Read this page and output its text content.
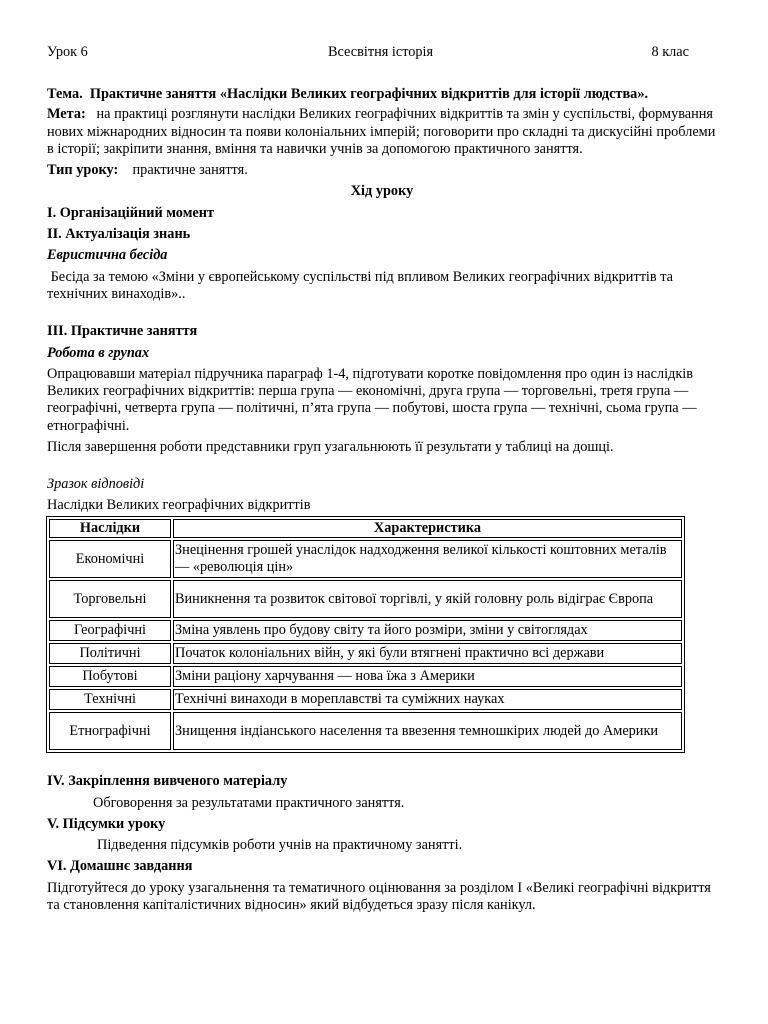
Урок 6	Всесвітня історія	8 клас

Тема. Практичне заняття «Наслідки Великих географічних відкриттів для історії людства».

Мета: на практиці розглянути наслідки Великих географічних відкриттів та змін у суспільстві, формування нових міжнародних відносин та появи колоніальних імперій; поговорити про складні та дискусійні проблеми в історії; закріпити знання, вміння та навички учнів за допомогою практичного заняття.

Тип уроку: практичне заняття.

Хід уроку

I. Організаційний момент

II. Актуалізація знань

Евристична бесіда

Бесіда за темою «Зміни у європейському суспільстві під впливом Великих географічних відкриттів та технічних винаходів»..

III. Практичне заняття

Робота в групах

Опрацювавши матеріал підручника параграф 1-4, підготувати коротке повідомлення про один із наслідків Великих географічних відкриттів: перша група — економічні, друга група — торговельні, третя група — географічні, четверта група — політичні, п’ята група — побутові, шоста група — технічні, сьома група — етнографічні.

Після завершення роботи представники груп узагальнюють її результати у таблиці на дошці.

Зразок відповіді

Наслідки Великих географічних відкриттів

Наслідки	Характеристика
Економічні	Знецінення грошей унаслідок надходження великої кількості коштовних металів — «революція цін»
Торговельні	Виникнення та розвиток світової торгівлі, у якій головну роль відіграє Європа
Географічні	Зміна уявлень про будову світу та його розміри, зміни у світоглядах
Політичні	Початок колоніальних війн, у які були втягнені практично всі держави
Побутові	Зміни раціону харчування — нова їжа з Америки
Технічні	Технічні винаходи в мореплавстві та суміжних науках
Етнографічні	Знищення індіанського населення та ввезення темношкірих людей до Америки

IV. Закріплення вивченого матеріалу

Обговорення за результатами практичного заняття.

V. Підсумки уроку

Підведення підсумків роботи учнів на практичному занятті.

VI. Домашнє завдання

Підготуйтеся до уроку узагальнення та тематичного оцінювання за розділом І «Великі географічні відкриття та становлення капіталістичних відносин» який відбудеться зразу після канікул.
